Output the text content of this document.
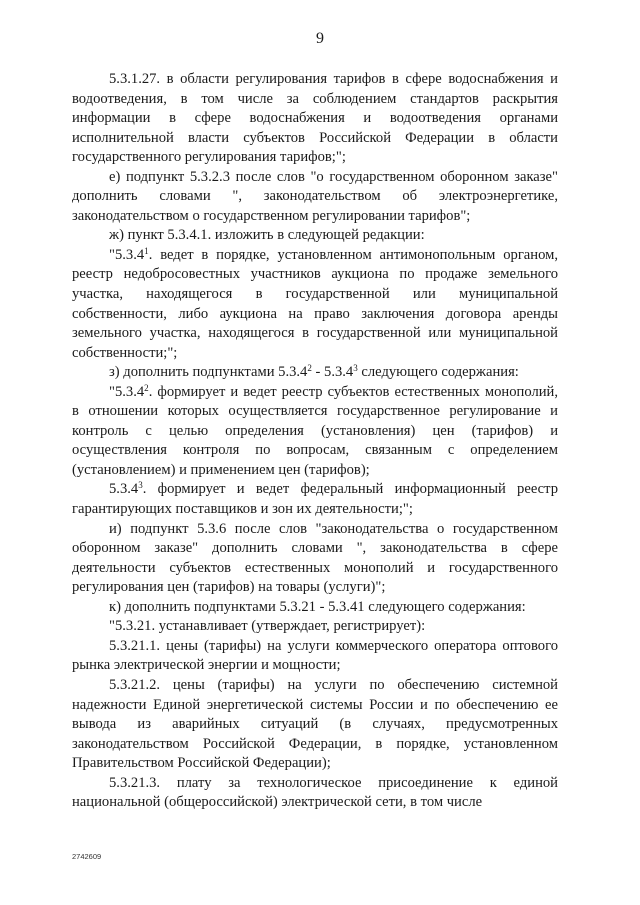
9

5.3.1.27. в области регулирования тарифов в сфере водоснабжения и водоотведения, в том числе за соблюдением стандартов раскрытия информации в сфере водоснабжения и водоотведения органами исполнительной власти субъектов Российской Федерации в области государственного регулирования тарифов;";

е) подпункт 5.3.2.3 после слов "о государственном оборонном заказе" дополнить словами ", законодательством об электроэнергетике, законодательством о государственном регулировании тарифов";

ж) пункт 5.3.4.1. изложить в следующей редакции:

"5.3.4$^1$. ведет в порядке, установленном антимонопольным органом, реестр недобросовестных участников аукциона по продаже земельного участка, находящегося в государственной или муниципальной собственности, либо аукциона на право заключения договора аренды земельного участка, находящегося в государственной или муниципальной собственности;";

з) дополнить подпунктами 5.3.4$^2$ - 5.3.4$^3$ следующего содержания:

"5.3.4$^2$. формирует и ведет реестр субъектов естественных монополий, в отношении которых осуществляется государственное регулирование и контроль с целью определения (установления) цен (тарифов) и осуществления контроля по вопросам, связанным с определением (установлением) и применением цен (тарифов);

5.3.4$^3$. формирует и ведет федеральный информационный реестр гарантирующих поставщиков и зон их деятельности;";

и) подпункт 5.3.6 после слов "законодательства о государственном оборонном заказе" дополнить словами ", законодательства в сфере деятельности субъектов естественных монополий и государственного регулирования цен (тарифов) на товары (услуги)";

к) дополнить подпунктами 5.3.21 - 5.3.41 следующего содержания:

"5.3.21. устанавливает (утверждает, регистрирует):

5.3.21.1. цены (тарифы) на услуги коммерческого оператора оптового рынка электрической энергии и мощности;

5.3.21.2. цены (тарифы) на услуги по обеспечению системной надежности Единой энергетической системы России и по обеспечению ее вывода из аварийных ситуаций (в случаях, предусмотренных законодательством Российской Федерации, в порядке, установленном Правительством Российской Федерации);

5.3.21.3. плату за технологическое присоединение к единой национальной (общероссийской) электрической сети, в том числе

2742609
